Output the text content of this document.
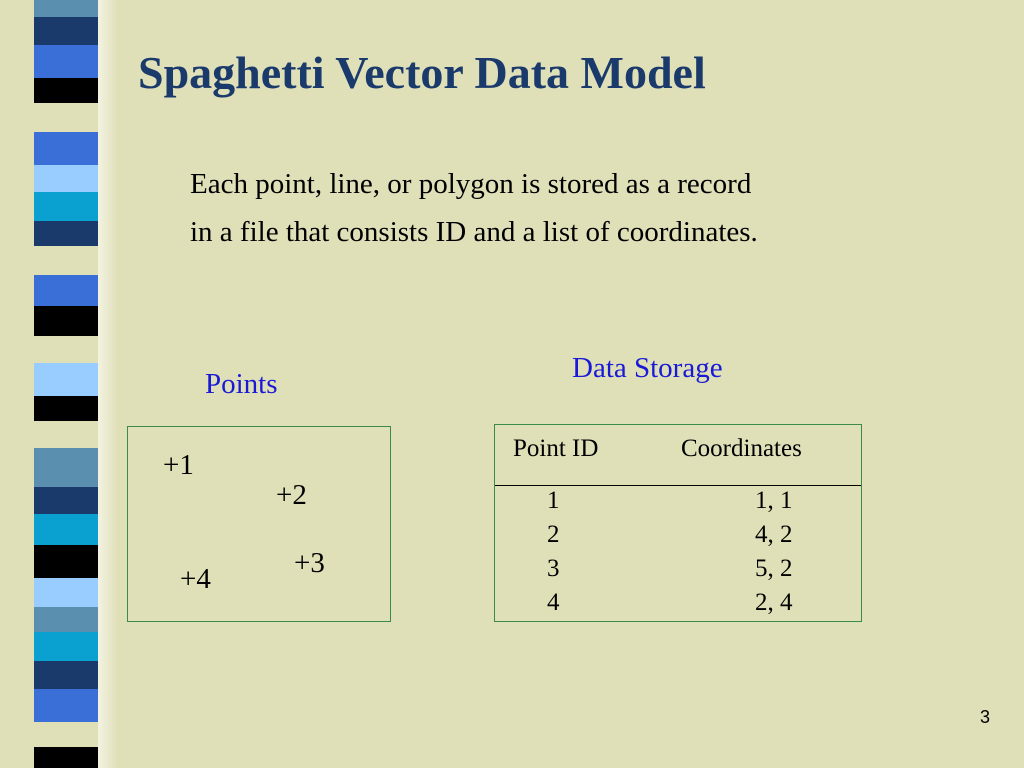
Spaghetti Vector Data Model
Each point, line, or polygon is stored as a record
in a file that consists ID and a list of coordinates.
Points	Data Storage
+1
+2
+3
+4
Point ID	Coordinates
1	1, 1
2	4, 2
3	5, 2
4	2, 4
3
